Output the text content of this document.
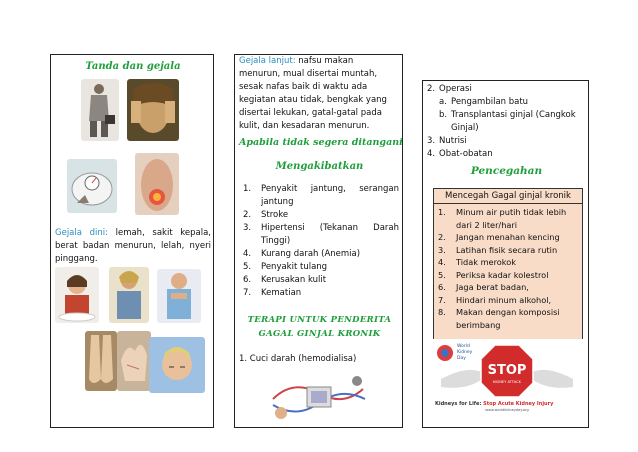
Tanda dan gejala

Gejala dini: lemah, sakit kepala, berat badan menurun, lelah, nyeri pinggang.

Gejala lanjut: nafsu makan menurun, mual disertai muntah, sesak nafas baik di waktu ada kegiatan atau tidak, bengkak yang disertai lekukan, gatal-gatal pada kulit, dan kesadaran menurun.

Apabila tidak segera ditangani

Mengakibatkan

1. Penyakit jantung, serangan jantung
2. Stroke
3. Hipertensi (Tekanan Darah Tinggi)
4. Kurang darah (Anemia)
5. Penyakit tulang
6. Kerusakan kulit
7. Kematian

TERAPI UNTUK PENDERITA
GAGAL GINJAL KRONIK

1. Cuci darah (hemodialisa)

2. Operasi
a. Pengambilan batu
b. Transplantasi ginjal (Cangkok Ginjal)
3. Nutrisi
4. Obat-obatan

Pencegahan

Mencegah Gagal ginjal kronik
1. Minum air putih tidak lebih dari 2 liter/hari
2. Jangan menahan kencing
3. Latihan fisik secara rutin
4. Tidak merokok
5. Periksa kadar kolestrol
6. Jaga berat badan,
7. Hindari minum alkohol,
8. Makan dengan komposisi berimbang
World
Kidney
Day
STOP
KIDNEY ATTACK
Kidneys for Life: Stop Acute Kidney Injury
www.worldkidneyday.org
